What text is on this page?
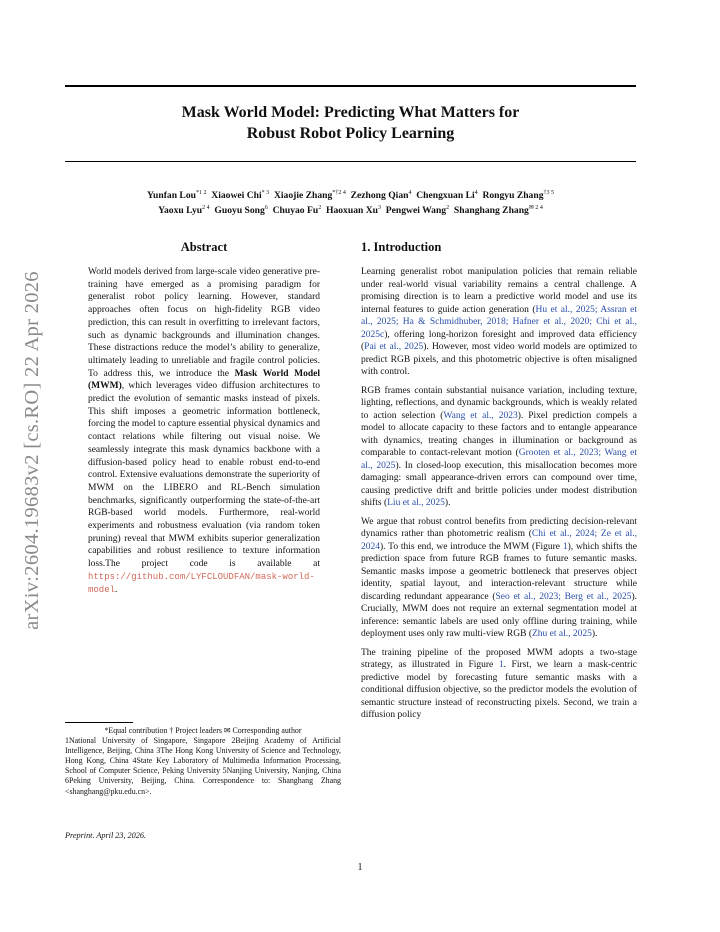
arXiv:2604.19683v2 [cs.RO] 22 Apr 2026
Mask World Model: Predicting What Matters for
Robust Robot Policy Learning
Yunfan Lou$^{*1 2}$ Xiaowei Chi$^{* 3}$ Xiaojie Zhang$^{*\dagger 2 4}$ Zezhong Qian$^4$ Chengxuan Li$^4$ Rongyu Zhang$^{\dagger 3 5}$
Yaoxu Lyu$^{2 4}$ Guoyu Song$^6$ Chuyao Fu$^2$ Haoxuan Xu$^3$ Pengwei Wang$^2$ Shanghang Zhang$^{✉ 2 4}$
Abstract
World models derived from large-scale video generative pre-training have emerged as a promising paradigm for generalist robot policy learning. However, standard approaches often focus on high-fidelity RGB video prediction, this can result in overfitting to irrelevant factors, such as dynamic backgrounds and illumination changes. These distractions reduce the model’s ability to generalize, ultimately leading to unreliable and fragile control policies. To address this, we introduce the Mask World Model (MWM), which leverages video diffusion architectures to predict the evolution of semantic masks instead of pixels. This shift imposes a geometric information bottleneck, forcing the model to capture essential physical dynamics and contact relations while filtering out visual noise. We seamlessly integrate this mask dynamics backbone with a diffusion-based policy head to enable robust end-to-end control. Extensive evaluations demonstrate the superiority of MWM on the LIBERO and RL-Bench simulation benchmarks, significantly outperforming the state-of-the-art RGB-based world models. Furthermore, real-world experiments and robustness evaluation (via random token pruning) reveal that MWM exhibits superior generalization capabilities and robust resilience to texture information loss.The project code is available at https://github.com/LYFCLOUDFAN/mask-world-model.
*Equal contribution † Project leaders ✉ Corresponding author
1National University of Singapore, Singapore 2Beijing Academy of Artificial Intelligence, Beijing, China 3The Hong Kong University of Science and Technology, Hong Kong, China 4State Key Laboratory of Multimedia Information Processing, School of Computer Science, Peking University 5Nanjing University, Nanjing, China 6Peking University, Beijing, China. Correspondence to: Shanghang Zhang <shanghang@pku.edu.cn>.
Preprint. April 23, 2026.
1. Introduction

Learning generalist robot manipulation policies that remain reliable under real-world visual variability remains a central challenge. A promising direction is to learn a predictive world model and use its internal features to guide action generation (Hu et al., 2025; Assran et al., 2025; Ha & Schmidhuber, 2018; Hafner et al., 2020; Chi et al., 2025c), offering long-horizon foresight and improved data efficiency (Pai et al., 2025). However, most video world models are optimized to predict RGB pixels, and this photometric objective is often misaligned with control.

RGB frames contain substantial nuisance variation, including texture, lighting, reflections, and dynamic backgrounds, which is weakly related to action selection (Wang et al., 2023). Pixel prediction compels a model to allocate capacity to these factors and to entangle appearance with dynamics, treating changes in illumination or background as comparable to contact-relevant motion (Grooten et al., 2023; Wang et al., 2025). In closed-loop execution, this misallocation becomes more damaging: small appearance-driven errors can compound over time, causing predictive drift and brittle policies under modest distribution shifts (Liu et al., 2025).

We argue that robust control benefits from predicting decision-relevant dynamics rather than photometric realism (Chi et al., 2024; Ze et al., 2024). To this end, we introduce the MWM (Figure 1), which shifts the prediction space from future RGB frames to future semantic masks. Semantic masks impose a geometric bottleneck that preserves object identity, spatial layout, and interaction-relevant structure while discarding redundant appearance (Seo et al., 2023; Berg et al., 2025). Crucially, MWM does not require an external segmentation model at inference: semantic labels are used only offline during training, while deployment uses only raw multi-view RGB (Zhu et al., 2025).

The training pipeline of the proposed MWM adopts a two-stage strategy, as illustrated in Figure 1. First, we learn a mask-centric predictive model by forecasting future semantic masks with a conditional diffusion objective, so the predictor models the evolution of semantic structure instead of reconstructing pixels. Second, we train a diffusion policy

1
